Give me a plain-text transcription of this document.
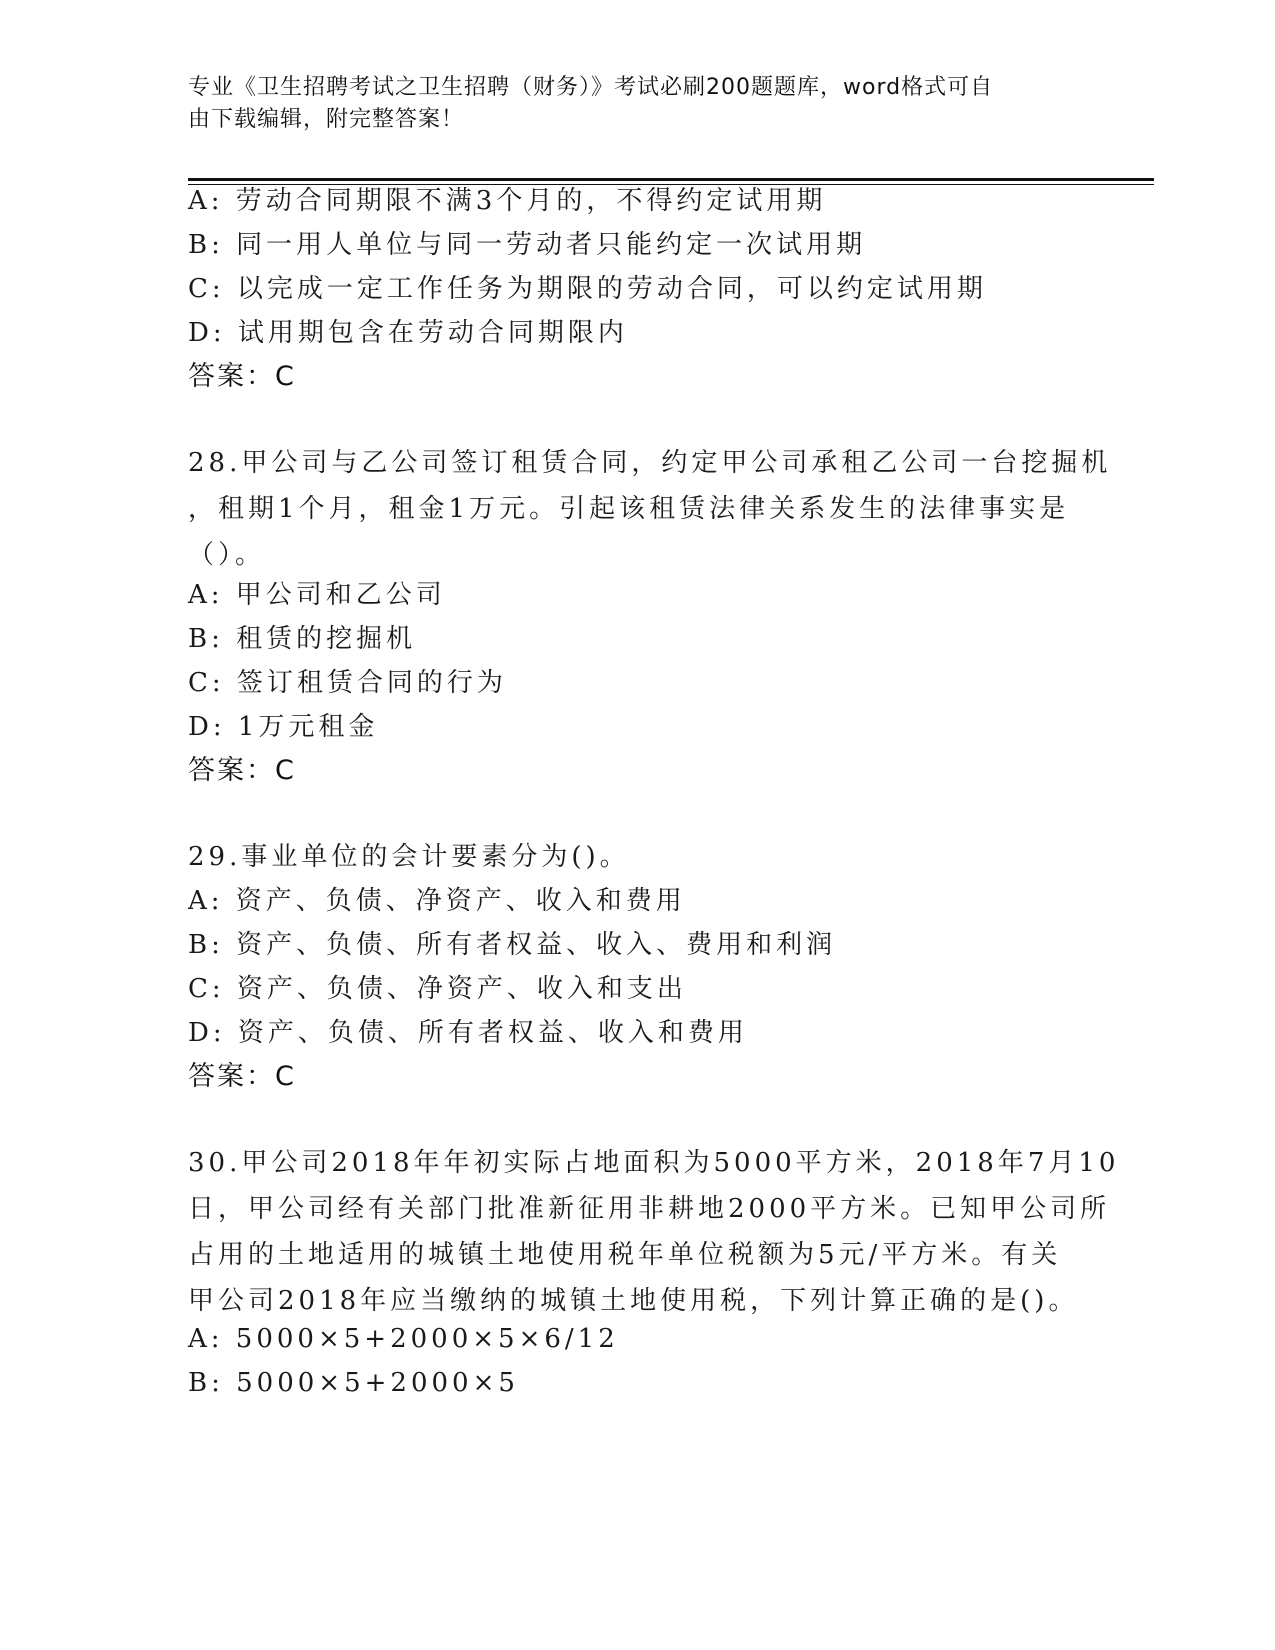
专业《卫生招聘考试之卫生招聘（财务）》考试必刷200题题库，word格式可自
由下载编辑，附完整答案！
A: 劳动合同期限不满3个月的，不得约定试用期
B: 同一用人单位与同一劳动者只能约定一次试用期
C: 以完成一定工作任务为期限的劳动合同，可以约定试用期
D: 试用期包含在劳动合同期限内
答案：C
28.甲公司与乙公司签订租赁合同，约定甲公司承租乙公司一台挖掘机
，租期1个月，租金1万元。引起该租赁法律关系发生的法律事实是
（）。
A: 甲公司和乙公司
B: 租赁的挖掘机
C: 签订租赁合同的行为
D: 1万元租金
答案：C
29.事业单位的会计要素分为()。
A: 资产、负债、净资产、收入和费用
B: 资产、负债、所有者权益、收入、费用和利润
C: 资产、负债、净资产、收入和支出
D: 资产、负债、所有者权益、收入和费用
答案：C
30.甲公司2018年年初实际占地面积为5000平方米，2018年7月10
日，甲公司经有关部门批准新征用非耕地2000平方米。已知甲公司所
占用的土地适用的城镇土地使用税年单位税额为5元/平方米。有关
甲公司2018年应当缴纳的城镇土地使用税，下列计算正确的是()。
A: 5000×5+2000×5×6/12
B: 5000×5+2000×5
